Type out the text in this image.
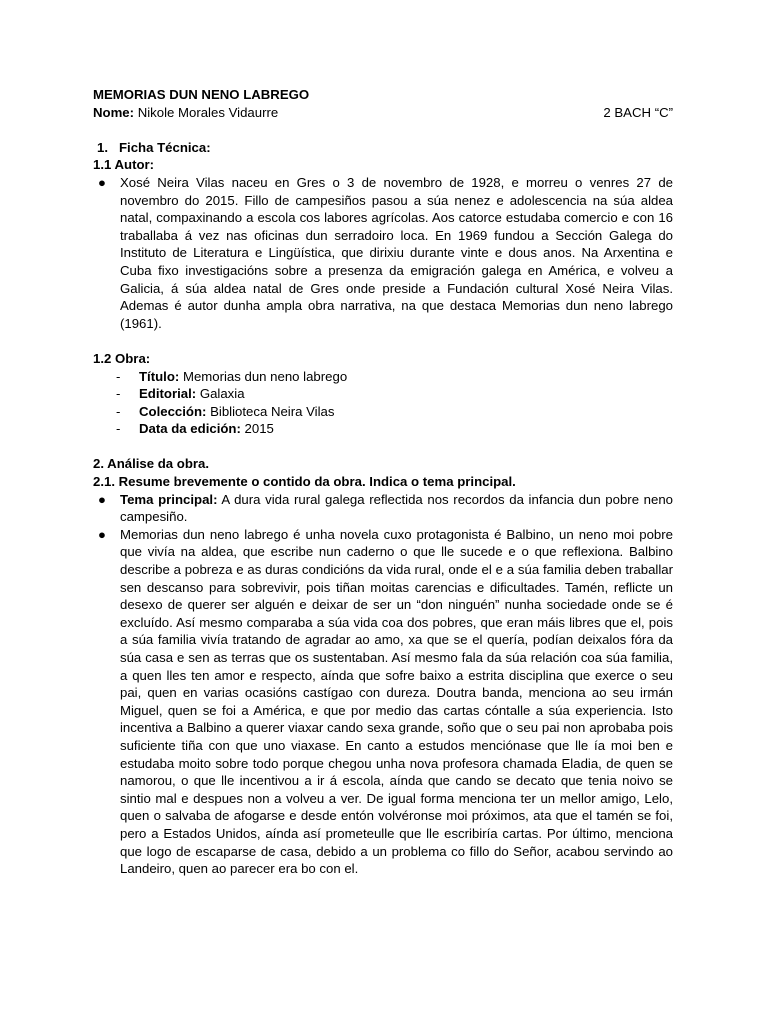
MEMORIAS DUN NENO LABREGO
Nome: Nikole Morales Vidaurre	2 BACH “C”
1. Ficha Técnica:
1.1 Autor:
●	Xosé Neira Vilas naceu en Gres o 3 de novembro de 1928, e morreu o venres 27 de novembro do 2015. Fillo de campesiños pasou a súa nenez e adolescencia na súa aldea natal, compaxinando a escola cos labores agrícolas. Aos catorce estudaba comercio e con 16 traballaba á vez nas oficinas dun serradoiro loca. En 1969 fundou a Sección Galega do Instituto de Literatura e Lingüística, que dirixiu durante vinte e dous anos. Na Arxentina e Cuba fixo investigacións sobre a presenza da emigración galega en América, e volveu a Galicia, á súa aldea natal de Gres onde preside a Fundación cultural Xosé Neira Vilas. Ademas é autor dunha ampla obra narrativa, na que destaca Memorias dun neno labrego (1961).
1.2 Obra:
-	Título: Memorias dun neno labrego
-	Editorial: Galaxia
-	Colección: Biblioteca Neira Vilas
-	Data da edición: 2015
2. Análise da obra.
2.1. Resume brevemente o contido da obra. Indica o tema principal.
●	Tema principal: A dura vida rural galega reflectida nos recordos da infancia dun pobre neno campesiño.
●	Memorias dun neno labrego é unha novela cuxo protagonista é Balbino, un neno moi pobre que vivía na aldea, que escribe nun caderno o que lle sucede e o que reflexiona. Balbino describe a pobreza e as duras condicións da vida rural, onde el e a súa familia deben traballar sen descanso para sobrevivir, pois tiñan moitas carencias e dificultades. Tamén, reflicte un desexo de querer ser alguén e deixar de ser un “don ninguén” nunha sociedade onde se é excluído. Así mesmo comparaba a súa vida coa dos pobres, que eran máis libres que el, pois a súa familia vivía tratando de agradar ao amo, xa que se el quería, podían deixalos fóra da súa casa e sen as terras que os sustentaban. Así mesmo fala da súa relación coa súa familia, a quen lles ten amor e respecto, aínda que sofre baixo a estrita disciplina que exerce o seu pai, quen en varias ocasións castígao con dureza. Doutra banda, menciona ao seu irmán Miguel, quen se foi a América, e que por medio das cartas cóntalle a súa experiencia. Isto incentiva a Balbino a querer viaxar cando sexa grande, soño que o seu pai non aprobaba pois suficiente tiña con que uno viaxase. En canto a estudos menciónase que lle ía moi ben e estudaba moito sobre todo porque chegou unha nova profesora chamada Eladia, de quen se namorou, o que lle incentivou a ir á escola, aínda que cando se decato que tenia noivo se sintio mal e despues non a volveu a ver. De igual forma menciona ter un mellor amigo, Lelo, quen o salvaba de afogarse e desde entón volvéronse moi próximos, ata que el tamén se foi, pero a Estados Unidos, aínda así prometeulle que lle escribiría cartas. Por último, menciona que logo de escaparse de casa, debido a un problema co fillo do Señor, acabou servindo ao Landeiro, quen ao parecer era bo con el.
